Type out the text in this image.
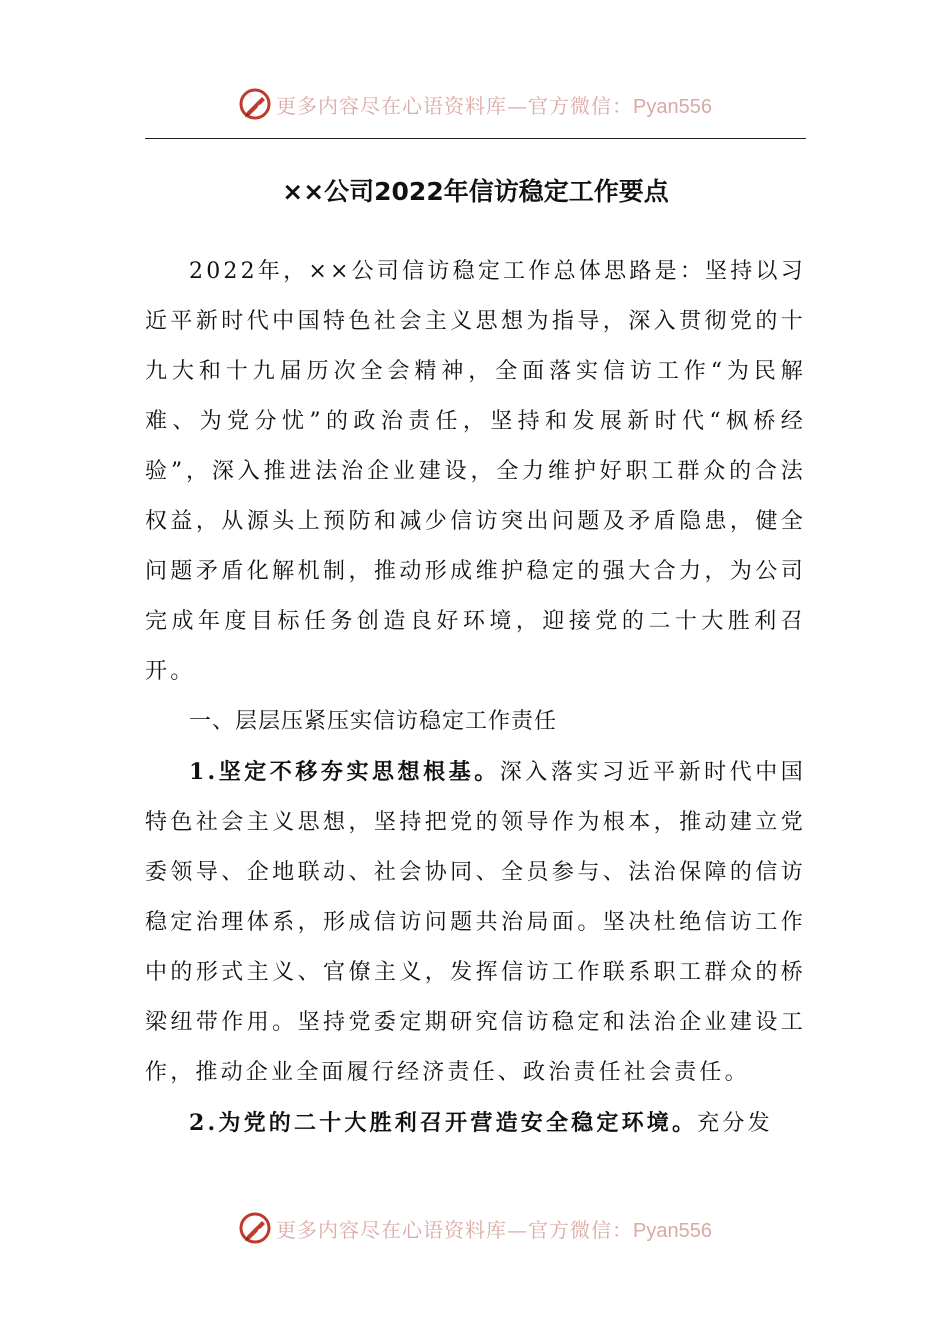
更多内容尽在心语资料库—官方微信：Pyan556
××公司2022年信访稳定工作要点

2022年，××公司信访稳定工作总体思路是：坚持以习近平新时代中国特色社会主义思想为指导，深入贯彻党的十九大和十九届历次全会精神，全面落实信访工作“为民解难、为党分忧”的政治责任，坚持和发展新时代“枫桥经验”，深入推进法治企业建设，全力维护好职工群众的合法权益，从源头上预防和减少信访突出问题及矛盾隐患，健全问题矛盾化解机制，推动形成维护稳定的强大合力，为公司完成年度目标任务创造良好环境，迎接党的二十大胜利召开。

一、层层压紧压实信访稳定工作责任

1.坚定不移夯实思想根基。深入落实习近平新时代中国特色社会主义思想，坚持把党的领导作为根本，推动建立党委领导、企地联动、社会协同、全员参与、法治保障的信访稳定治理体系，形成信访问题共治局面。坚决杜绝信访工作中的形式主义、官僚主义，发挥信访工作联系职工群众的桥梁纽带作用。坚持党委定期研究信访稳定和法治企业建设工作，推动企业全面履行经济责任、政治责任社会责任。

2.为党的二十大胜利召开营造安全稳定环境。充分发

更多内容尽在心语资料库—官方微信：Pyan556
